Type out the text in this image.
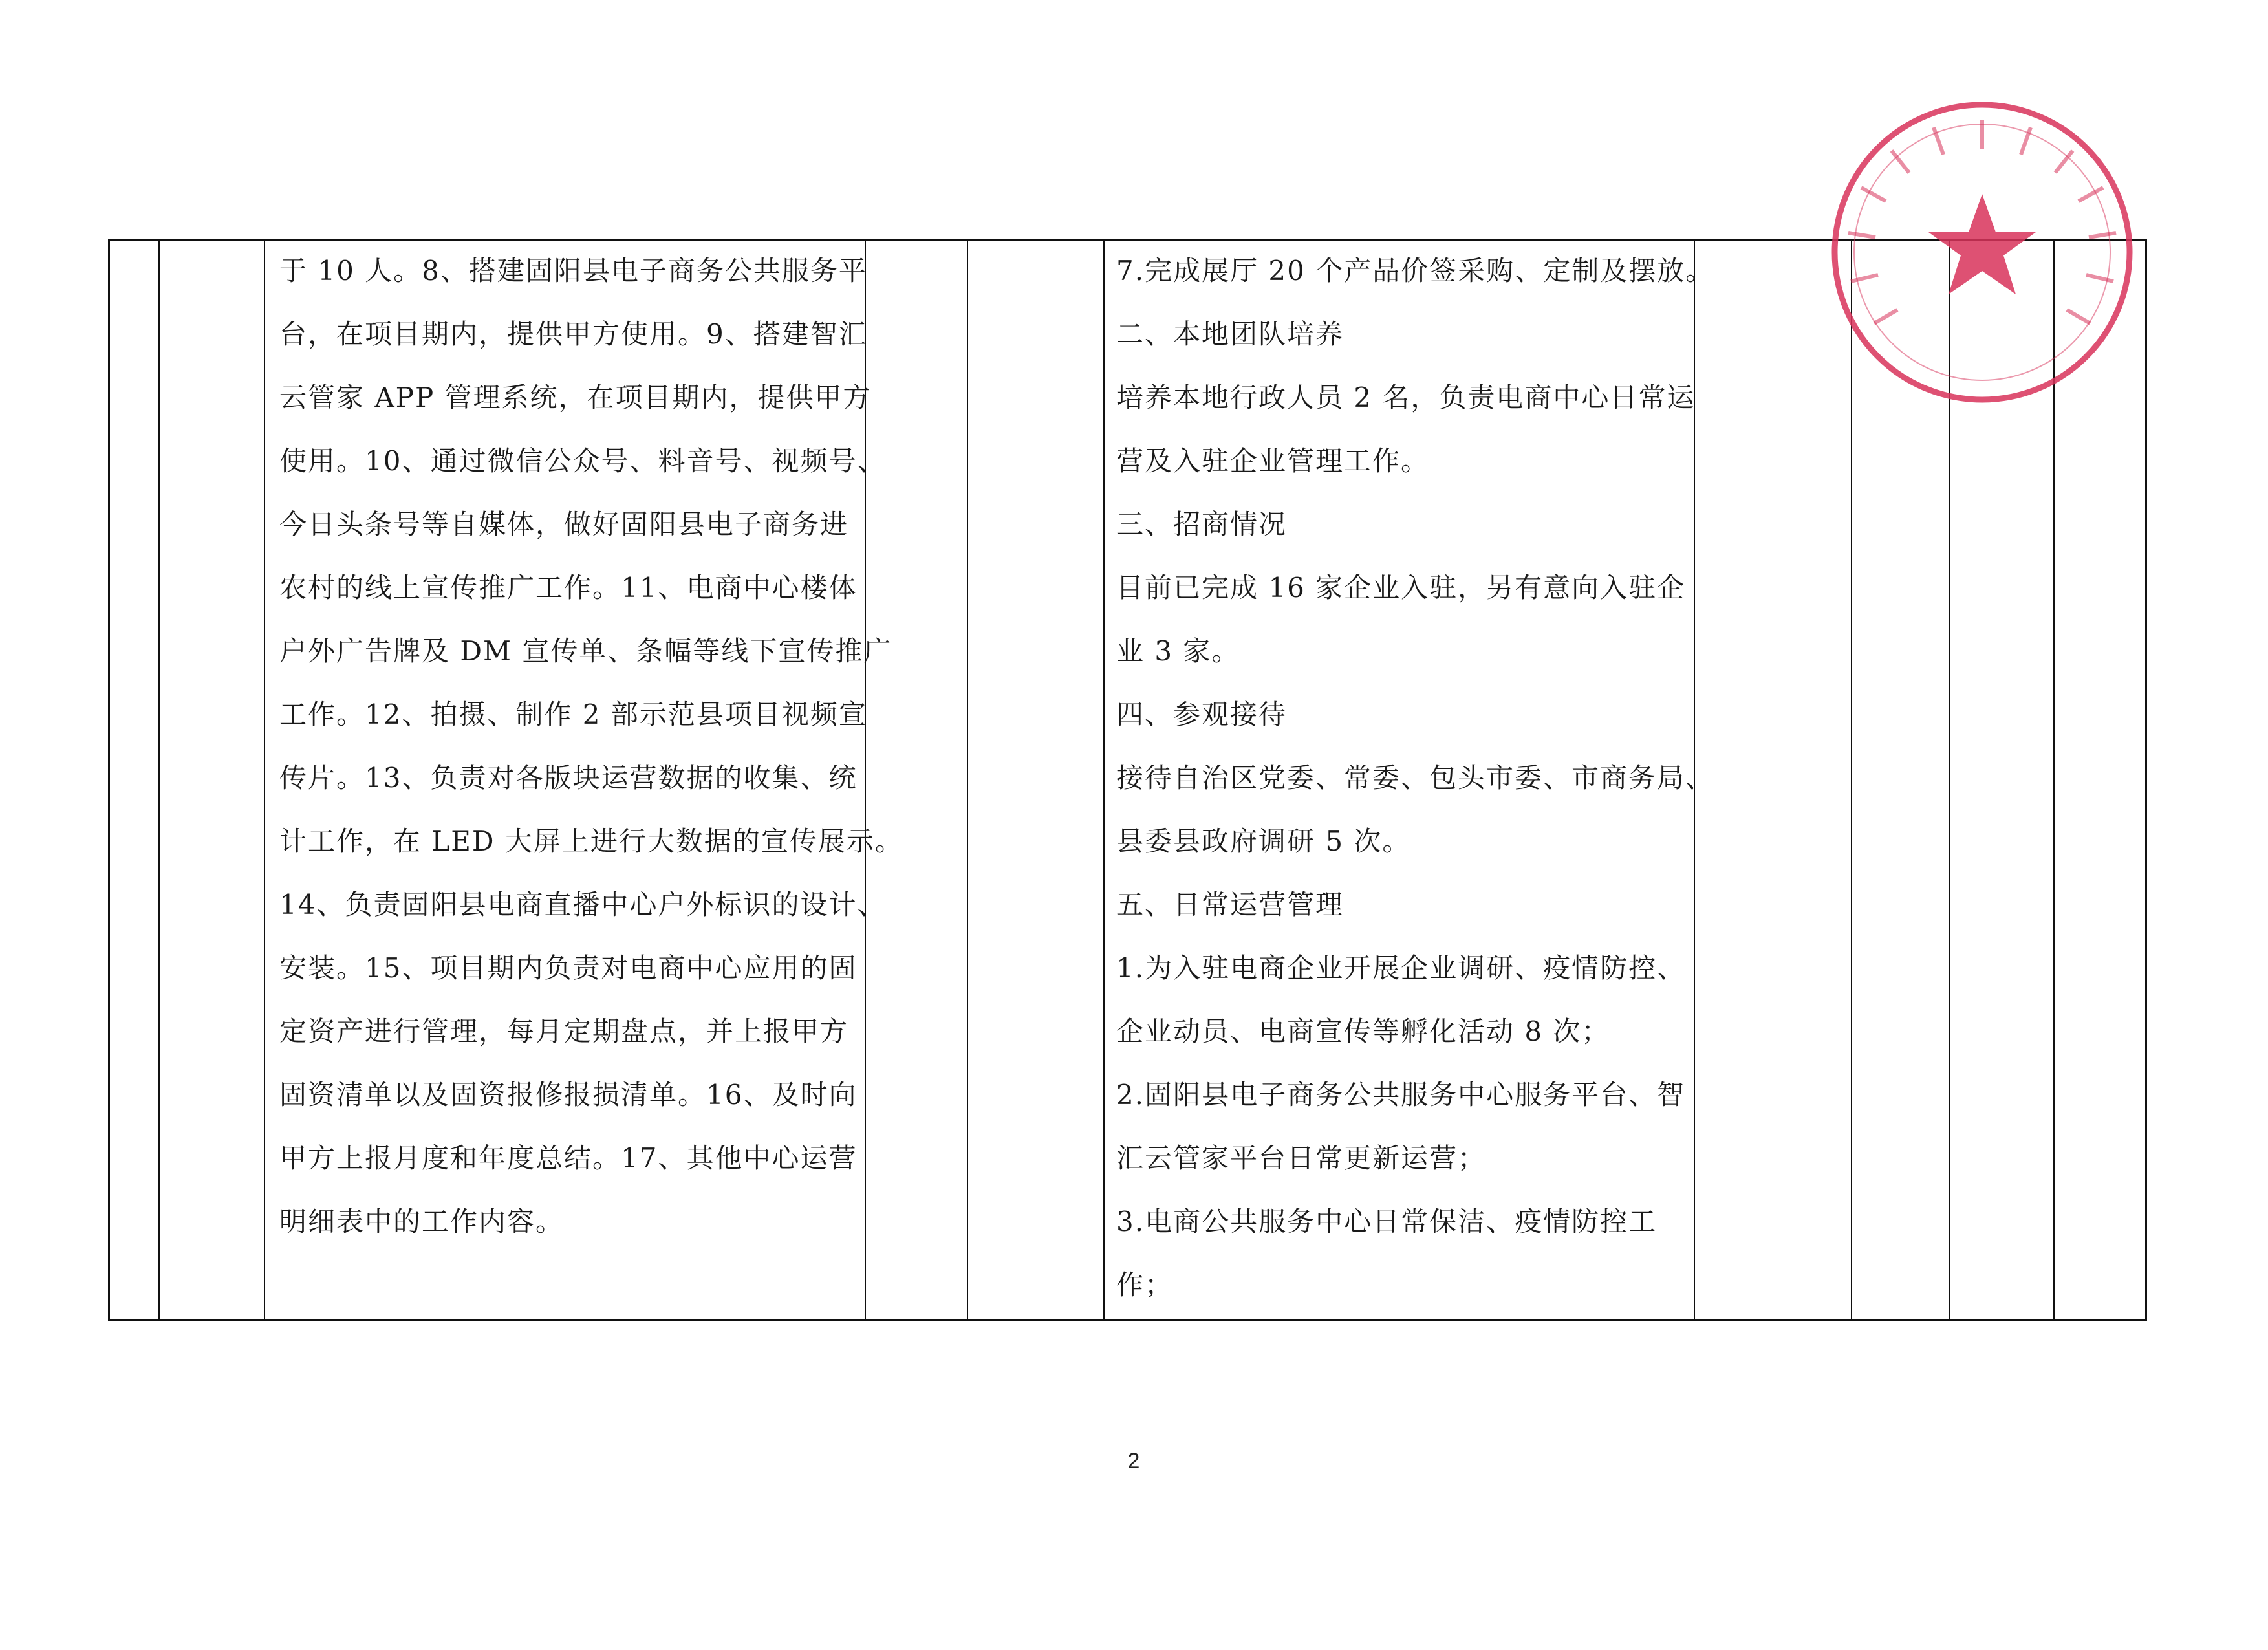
于 10 人。8、搭建固阳县电子商务公共服务平
台，在项目期内，提供甲方使用。9、搭建智汇
云管家 APP 管理系统，在项目期内，提供甲方
使用。10、通过微信公众号、料音号、视频号、
今日头条号等自媒体，做好固阳县电子商务进
农村的线上宣传推广工作。11、电商中心楼体
户外广告牌及 DM 宣传单、条幅等线下宣传推广
工作。12、拍摄、制作 2 部示范县项目视频宣
传片。13、负责对各版块运营数据的收集、统
计工作，在 LED 大屏上进行大数据的宣传展示。
14、负责固阳县电商直播中心户外标识的设计、
安装。15、项目期内负责对电商中心应用的固
定资产进行管理，每月定期盘点，并上报甲方
固资清单以及固资报修报损清单。16、及时向
甲方上报月度和年度总结。17、其他中心运营
明细表中的工作内容。
7.完成展厅 20 个产品价签采购、定制及摆放。
二、本地团队培养
培养本地行政人员 2 名，负责电商中心日常运
营及入驻企业管理工作。
三、招商情况
目前已完成 16 家企业入驻，另有意向入驻企
业 3 家。
四、参观接待
接待自治区党委、常委、包头市委、市商务局、
县委县政府调研 5 次。
五、日常运营管理
1.为入驻电商企业开展企业调研、疫情防控、
企业动员、电商宣传等孵化活动 8 次；
2.固阳县电子商务公共服务中心服务平台、智
汇云管家平台日常更新运营；
3.电商公共服务中心日常保洁、疫情防控工
作；
2
